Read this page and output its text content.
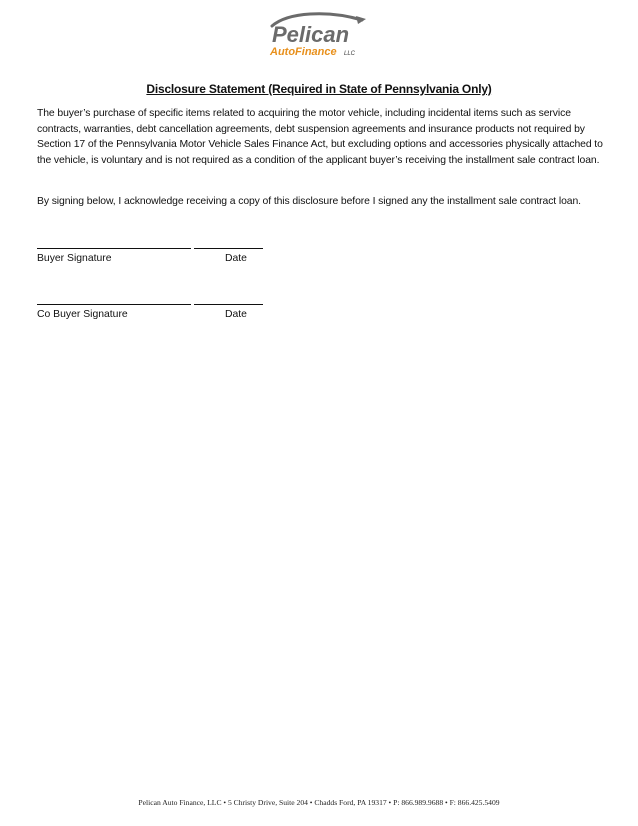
Pelican
AutoFinance LLC
Disclosure Statement (Required in State of Pennsylvania Only)
The buyer’s purchase of specific items related to acquiring the motor vehicle, including incidental items such as service contracts, warranties, debt cancellation agreements, debt suspension agreements and insurance products not required by Section 17 of the Pennsylvania Motor Vehicle Sales Finance Act, but excluding options and accessories physically attached to the vehicle, is voluntary and is not required as a condition of the applicant buyer’s receiving the installment sale contract loan.
By signing below, I acknowledge receiving a copy of this disclosure before I signed any the installment sale contract loan.
Buyer Signature	Date
Co Buyer Signature	Date
Pelican Auto Finance, LLC • 5 Christy Drive, Suite 204 • Chadds Ford, PA 19317 • P: 866.989.9688 • F: 866.425.5409
